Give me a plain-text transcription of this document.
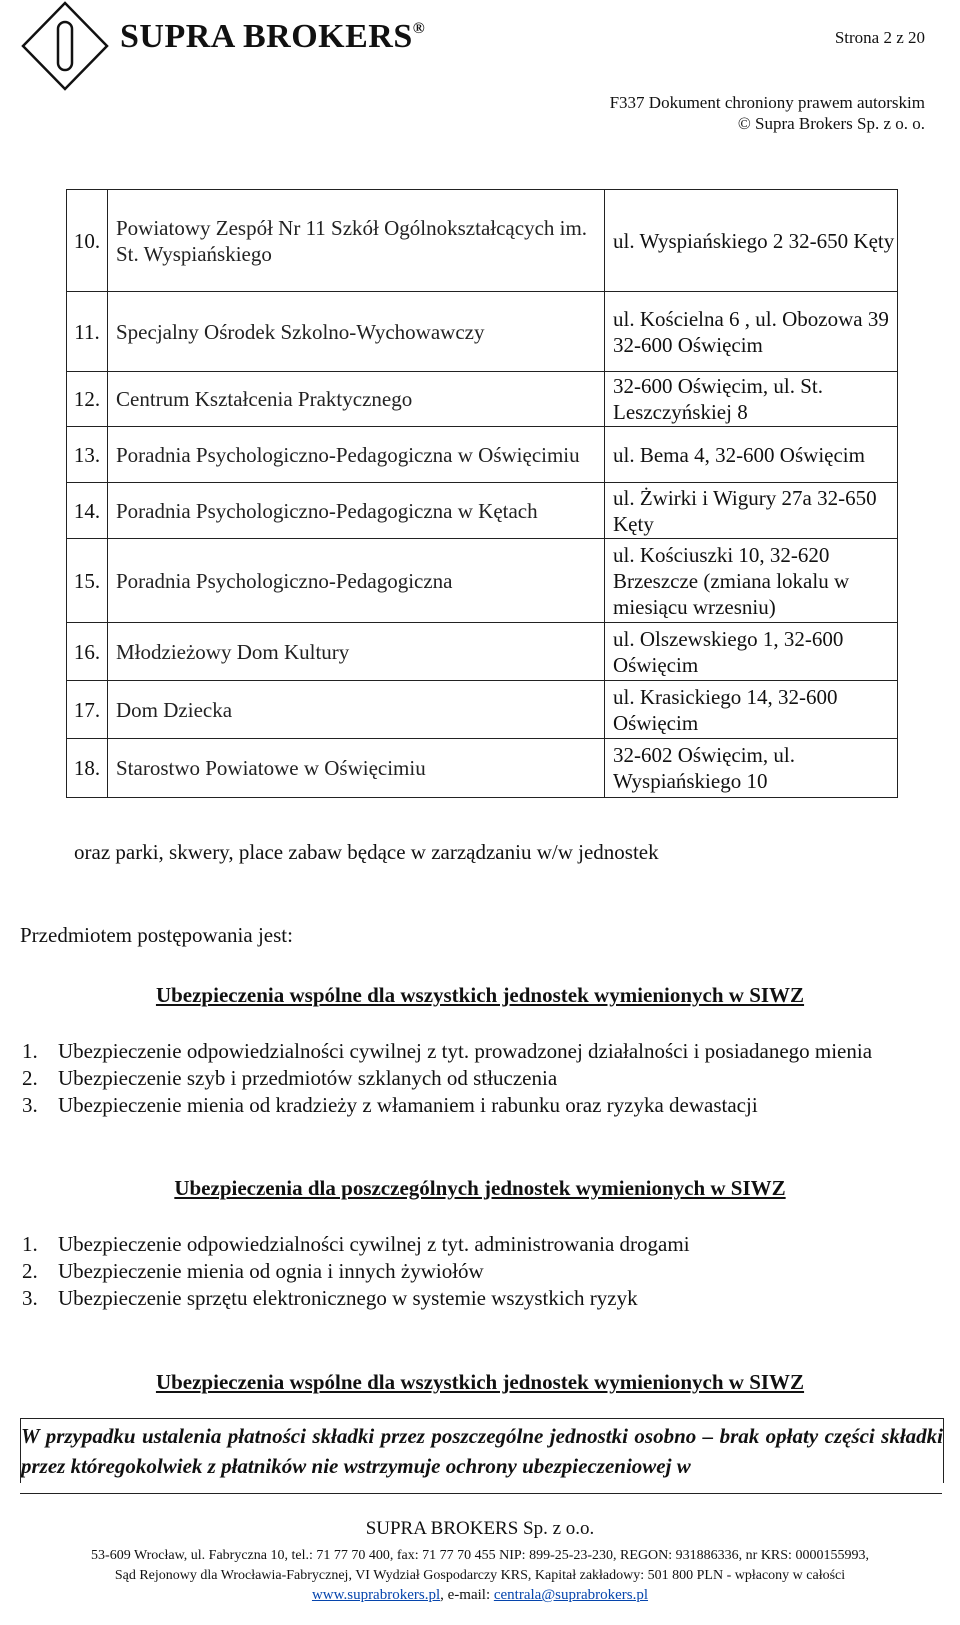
SUPRA BROKERS®	Strona 2 z 20
F337 Dokument chroniony prawem autorskim
© Supra Brokers Sp. z o. o.
10.	Powiatowy Zespół Nr 11 Szkół Ogólnokształcących im. St. Wyspiańskiego	ul. Wyspiańskiego 2 32-650 Kęty
11.	Specjalny Ośrodek Szkolno-Wychowawczy	ul. Kościelna 6 , ul. Obozowa 39 32-600 Oświęcim
12.	Centrum Kształcenia Praktycznego	32-600 Oświęcim, ul. St. Leszczyńskiej 8
13.	Poradnia Psychologiczno-Pedagogiczna w Oświęcimiu	ul. Bema 4, 32-600 Oświęcim
14.	Poradnia Psychologiczno-Pedagogiczna w Kętach	ul. Żwirki i Wigury 27a 32-650 Kęty
15.	Poradnia Psychologiczno-Pedagogiczna	ul. Kościuszki 10, 32-620 Brzeszcze (zmiana lokalu w miesiącu wrzesniu)
16.	Młodzieżowy Dom Kultury	ul. Olszewskiego 1, 32-600 Oświęcim
17.	Dom Dziecka	ul. Krasickiego 14, 32-600 Oświęcim
18.	Starostwo Powiatowe w Oświęcimiu	32-602 Oświęcim, ul. Wyspiańskiego 10
oraz parki, skwery, place zabaw będące w zarządzaniu w/w jednostek
Przedmiotem postępowania jest:
Ubezpieczenia wspólne dla wszystkich jednostek wymienionych w SIWZ
1. Ubezpieczenie odpowiedzialności cywilnej z tyt. prowadzonej działalności i posiadanego mienia
2. Ubezpieczenie szyb i przedmiotów szklanych od stłuczenia
3. Ubezpieczenie mienia od kradzieży z włamaniem i rabunku oraz ryzyka dewastacji
Ubezpieczenia dla poszczególnych jednostek wymienionych w SIWZ
1. Ubezpieczenie odpowiedzialności cywilnej z tyt. administrowania drogami
2. Ubezpieczenie mienia od ognia i innych żywiołów
3. Ubezpieczenie sprzętu elektronicznego w systemie wszystkich ryzyk
Ubezpieczenia wspólne dla wszystkich jednostek wymienionych w SIWZ
W przypadku ustalenia płatności składki przez poszczególne jednostki osobno – brak opłaty części składki przez któregokolwiek z płatników nie wstrzymuje ochrony ubezpieczeniowej w
SUPRA BROKERS Sp. z o.o.
53-609 Wrocław, ul. Fabryczna 10, tel.: 71 77 70 400, fax: 71 77 70 455 NIP: 899-25-23-230, REGON: 931886336, nr KRS: 0000155993,
Sąd Rejonowy dla Wrocławia-Fabrycznej, VI Wydział Gospodarczy KRS, Kapitał zakładowy: 501 800 PLN - wpłacony w całości
www.suprabrokers.pl, e-mail: centrala@suprabrokers.pl
